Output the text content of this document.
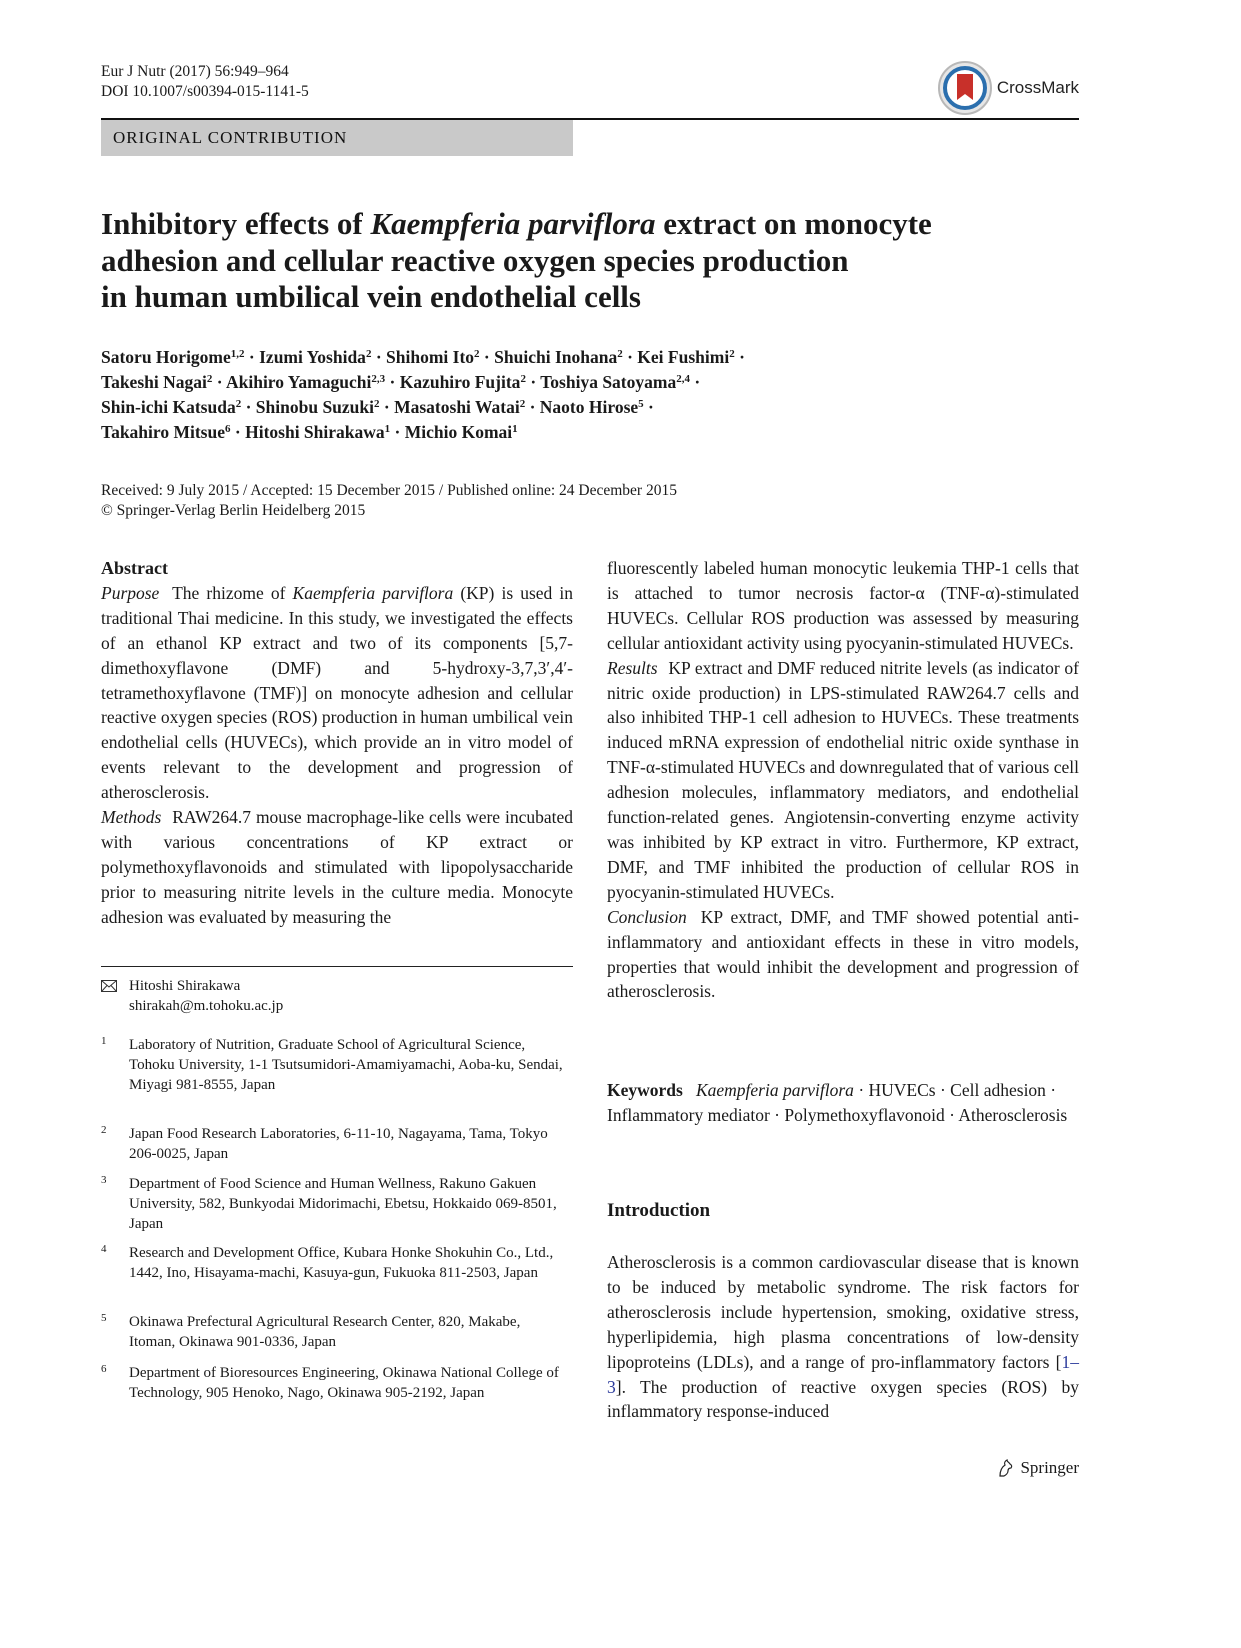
Eur J Nutr (2017) 56:949–964
DOI 10.1007/s00394-015-1141-5	CrossMark
ORIGINAL CONTRIBUTION
Inhibitory effects of Kaempferia parviflora extract on monocyte
adhesion and cellular reactive oxygen species production
in human umbilical vein endothelial cells
Satoru Horigome$^{1,2}$ · Izumi Yoshida$^2$ · Shihomi Ito$^2$ · Shuichi Inohana$^2$ · Kei Fushimi$^2$ ·
Takeshi Nagai$^2$ · Akihiro Yamaguchi$^{2,3}$ · Kazuhiro Fujita$^2$ · Toshiya Satoyama$^{2,4}$ ·
Shin-ichi Katsuda$^2$ · Shinobu Suzuki$^2$ · Masatoshi Watai$^2$ · Naoto Hirose$^5$ ·
Takahiro Mitsue$^6$ · Hitoshi Shirakawa$^1$ · Michio Komai$^1$
Received: 9 July 2015 / Accepted: 15 December 2015 / Published online: 24 December 2015
© Springer-Verlag Berlin Heidelberg 2015
Abstract

Purpose The rhizome of Kaempferia parviflora (KP) is used in traditional Thai medicine. In this study, we investigated the effects of an ethanol KP extract and two of its components [5,7-dimethoxyflavone (DMF) and 5-hydroxy-3,7,3′,4′-tetramethoxyflavone (TMF)] on monocyte adhesion and cellular reactive oxygen species (ROS) production in human umbilical vein endothelial cells (HUVECs), which provide an in vitro model of events relevant to the development and progression of atherosclerosis.

Methods RAW264.7 mouse macrophage-like cells were incubated with various concentrations of KP extract or polymethoxyflavonoids and stimulated with lipopolysaccharide prior to measuring nitrite levels in the culture media. Monocyte adhesion was evaluated by measuring the

Hitoshi Shirakawa
shirakah@m.tohoku.ac.jp
1 Laboratory of Nutrition, Graduate School of Agricultural Science, Tohoku University, 1-1 Tsutsumidori-Amamiyamachi, Aoba-ku, Sendai, Miyagi 981-8555, Japan
2 Japan Food Research Laboratories, 6-11-10, Nagayama, Tama, Tokyo 206-0025, Japan
3 Department of Food Science and Human Wellness, Rakuno Gakuen University, 582, Bunkyodai Midorimachi, Ebetsu, Hokkaido 069-8501, Japan
4 Research and Development Office, Kubara Honke Shokuhin Co., Ltd., 1442, Ino, Hisayama-machi, Kasuya-gun, Fukuoka 811-2503, Japan
5 Okinawa Prefectural Agricultural Research Center, 820, Makabe, Itoman, Okinawa 901-0336, Japan
6 Department of Bioresources Engineering, Okinawa National College of Technology, 905 Henoko, Nago, Okinawa 905-2192, Japan

fluorescently labeled human monocytic leukemia THP-1 cells that is attached to tumor necrosis factor-α (TNF-α)-stimulated HUVECs. Cellular ROS production was assessed by measuring cellular antioxidant activity using pyocyanin-stimulated HUVECs.

Results KP extract and DMF reduced nitrite levels (as indicator of nitric oxide production) in LPS-stimulated RAW264.7 cells and also inhibited THP-1 cell adhesion to HUVECs. These treatments induced mRNA expression of endothelial nitric oxide synthase in TNF-α-stimulated HUVECs and downregulated that of various cell adhesion molecules, inflammatory mediators, and endothelial function-related genes. Angiotensin-converting enzyme activity was inhibited by KP extract in vitro. Furthermore, KP extract, DMF, and TMF inhibited the production of cellular ROS in pyocyanin-stimulated HUVECs.

Conclusion KP extract, DMF, and TMF showed potential anti-inflammatory and antioxidant effects in these in vitro models, properties that would inhibit the development and progression of atherosclerosis.

Keywords Kaempferia parviflora · HUVECs · Cell adhesion · Inflammatory mediator · Polymethoxyflavonoid · Atherosclerosis
Introduction
Atherosclerosis is a common cardiovascular disease that is known to be induced by metabolic syndrome. The risk factors for atherosclerosis include hypertension, smoking, oxidative stress, hyperlipidemia, high plasma concentrations of low-density lipoproteins (LDLs), and a range of pro-inflammatory factors [1–3]. The production of reactive oxygen species (ROS) by inflammatory response-induced
Springer
